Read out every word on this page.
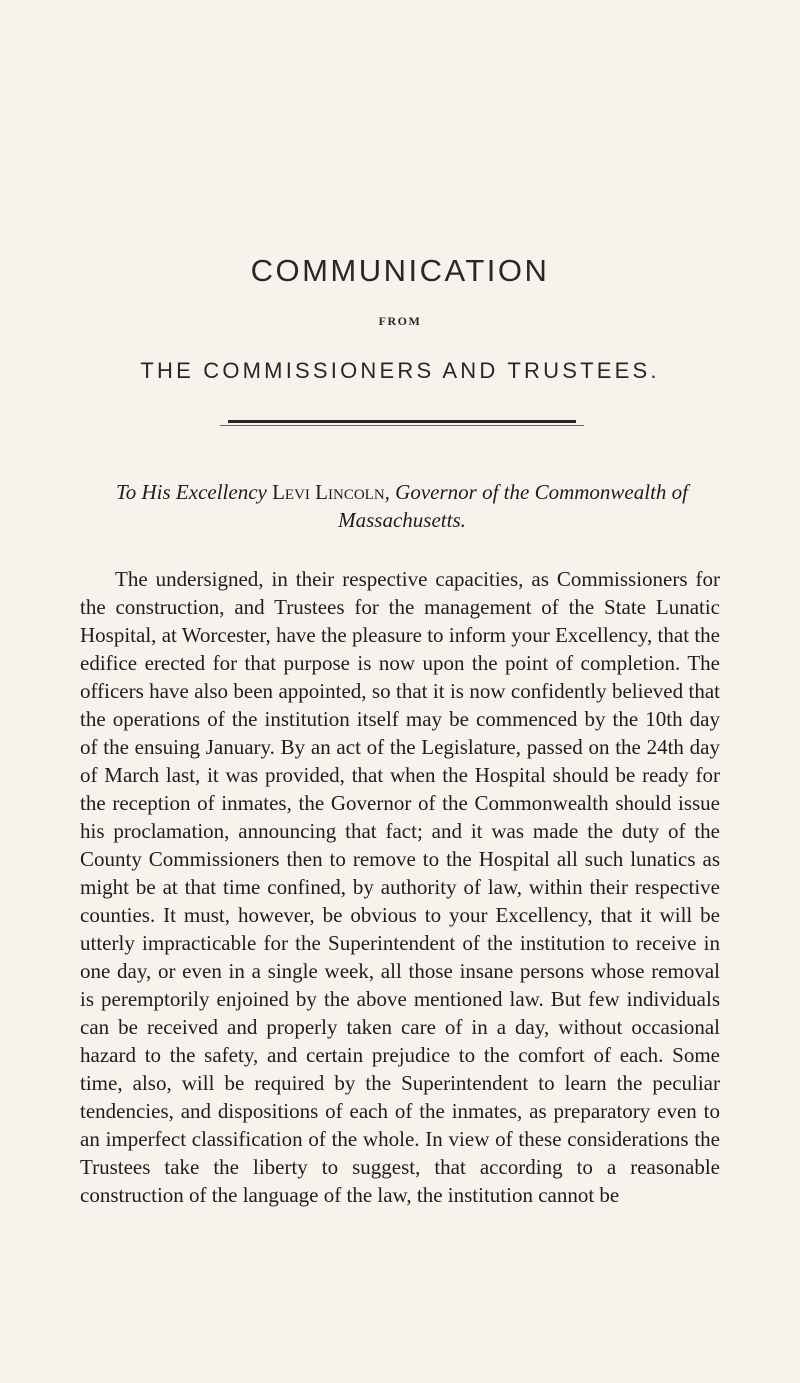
COMMUNICATION
FROM
THE COMMISSIONERS AND TRUSTEES.
To His Excellency Levi Lincoln, Governor of the Commonwealth of Massachusetts.

The undersigned, in their respective capacities, as Commissioners for the construction, and Trustees for the management of the State Lunatic Hospital, at Worcester, have the pleasure to inform your Excellency, that the edifice erected for that purpose is now upon the point of completion. The officers have also been appointed, so that it is now confidently believed that the operations of the institution itself may be commenced by the 10th day of the ensuing January. By an act of the Legislature, passed on the 24th day of March last, it was provided, that when the Hospital should be ready for the reception of inmates, the Governor of the Commonwealth should issue his proclamation, announcing that fact; and it was made the duty of the County Commissioners then to remove to the Hospital all such lunatics as might be at that time confined, by authority of law, within their respective counties. It must, however, be obvious to your Excellency, that it will be utterly impracticable for the Superintendent of the institution to receive in one day, or even in a single week, all those insane persons whose removal is peremptorily enjoined by the above mentioned law. But few individuals can be received and properly taken care of in a day, without occasional hazard to the safety, and certain prejudice to the comfort of each. Some time, also, will be required by the Superintendent to learn the peculiar tendencies, and dispositions of each of the inmates, as preparatory even to an imperfect classification of the whole. In view of these considerations the Trustees take the liberty to suggest, that according to a reasonable construction of the language of the law, the institution cannot be
